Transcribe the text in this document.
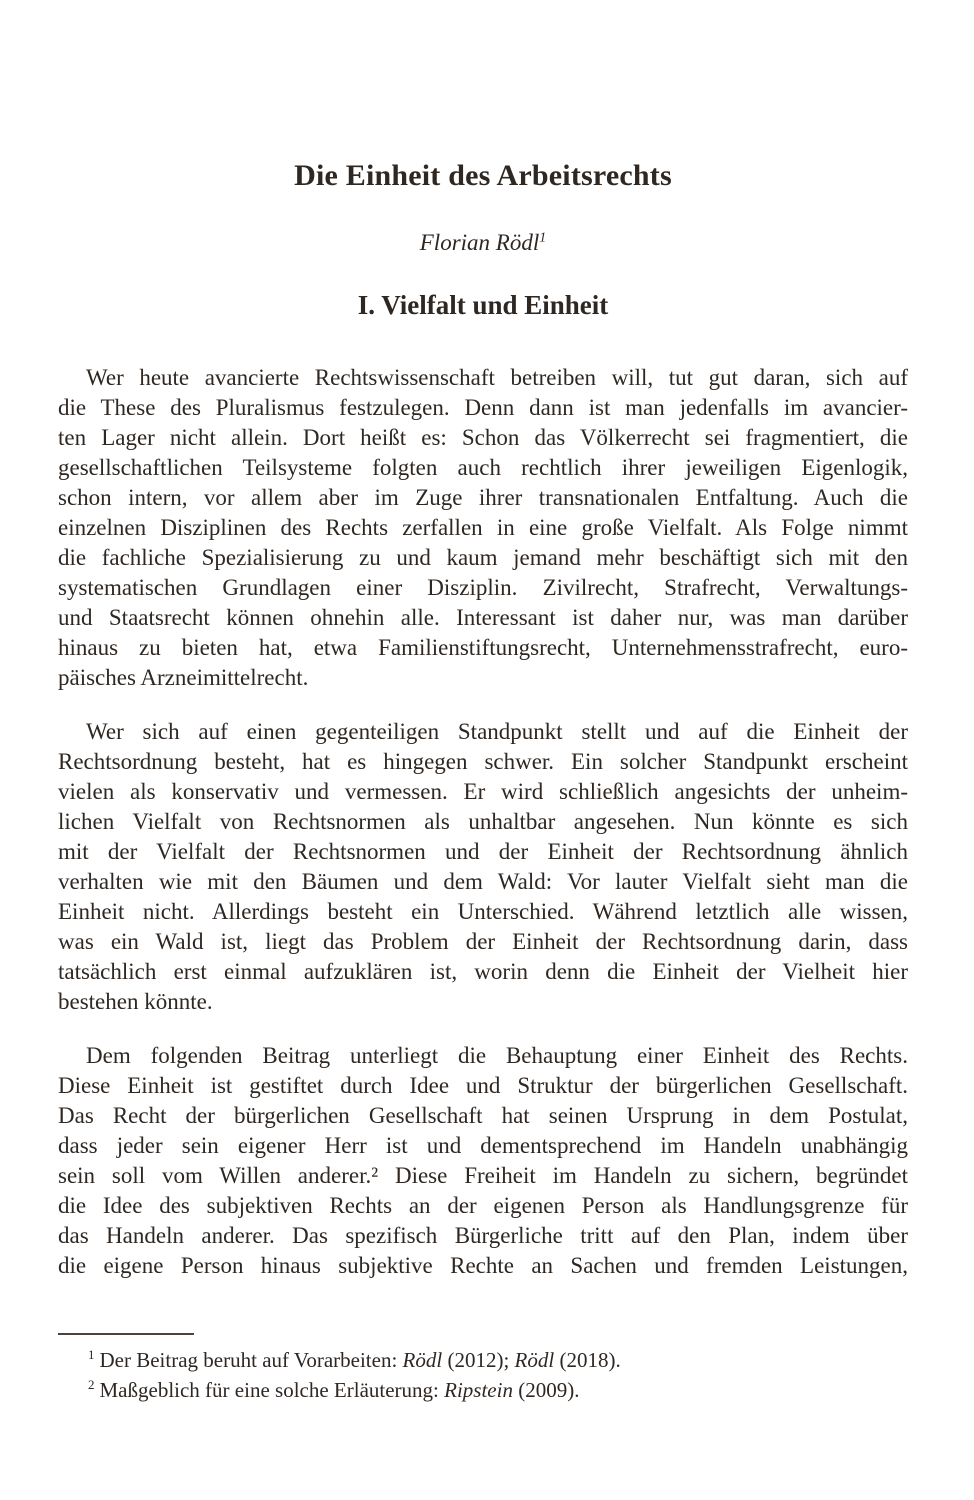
Die Einheit des Arbeitsrechts
Florian Rödl$^1$
I. Vielfalt und Einheit
Wer heute avancierte Rechtswissenschaft betreiben will, tut gut daran, sich auf
die These des Pluralismus festzulegen. Denn dann ist man jedenfalls im avancier-
ten Lager nicht allein. Dort heißt es: Schon das Völkerrecht sei fragmentiert, die
gesellschaftlichen Teilsysteme folgten auch rechtlich ihrer jeweiligen Eigenlogik,
schon intern, vor allem aber im Zuge ihrer transnationalen Entfaltung. Auch die
einzelnen Disziplinen des Rechts zerfallen in eine große Vielfalt. Als Folge nimmt
die fachliche Spezialisierung zu und kaum jemand mehr beschäftigt sich mit den
systematischen Grundlagen einer Disziplin. Zivilrecht, Strafrecht, Verwaltungs-
und Staatsrecht können ohnehin alle. Interessant ist daher nur, was man darüber
hinaus zu bieten hat, etwa Familienstiftungsrecht, Unternehmensstrafrecht, euro-
päisches Arzneimittelrecht.
Wer sich auf einen gegenteiligen Standpunkt stellt und auf die Einheit der
Rechtsordnung besteht, hat es hingegen schwer. Ein solcher Standpunkt erscheint
vielen als konservativ und vermessen. Er wird schließlich angesichts der unheim-
lichen Vielfalt von Rechtsnormen als unhaltbar angesehen. Nun könnte es sich
mit der Vielfalt der Rechtsnormen und der Einheit der Rechtsordnung ähnlich
verhalten wie mit den Bäumen und dem Wald: Vor lauter Vielfalt sieht man die
Einheit nicht. Allerdings besteht ein Unterschied. Während letztlich alle wissen,
was ein Wald ist, liegt das Problem der Einheit der Rechtsordnung darin, dass
tatsächlich erst einmal aufzuklären ist, worin denn die Einheit der Vielheit hier
bestehen könnte.
Dem folgenden Beitrag unterliegt die Behauptung einer Einheit des Rechts.
Diese Einheit ist gestiftet durch Idee und Struktur der bürgerlichen Gesellschaft.
Das Recht der bürgerlichen Gesellschaft hat seinen Ursprung in dem Postulat,
dass jeder sein eigener Herr ist und dementsprechend im Handeln unabhängig
sein soll vom Willen anderer.² Diese Freiheit im Handeln zu sichern, begründet
die Idee des subjektiven Rechts an der eigenen Person als Handlungsgrenze für
das Handeln anderer. Das spezifisch Bürgerliche tritt auf den Plan, indem über
die eigene Person hinaus subjektive Rechte an Sachen und fremden Leistungen,
$^1$ Der Beitrag beruht auf Vorarbeiten: Rödl (2012); Rödl (2018).
$^2$ Maßgeblich für eine solche Erläuterung: Ripstein (2009).
